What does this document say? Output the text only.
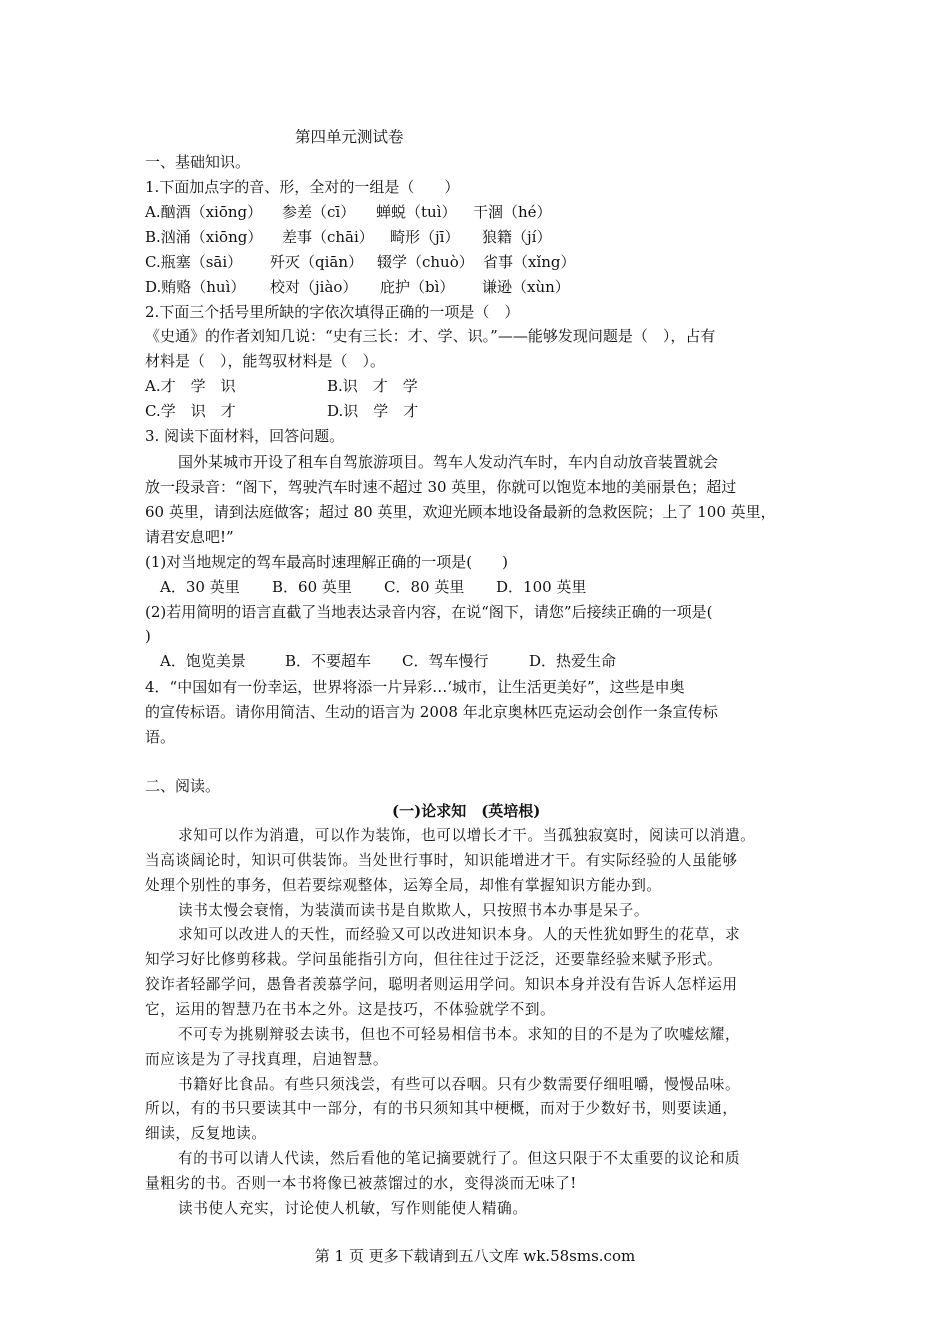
第四单元测试卷
一、基础知识。
1.下面加点字的音、形，全对的一组是（　　）
A.酗酒（xiōng） 参差（cī） 蝉蜕（tuì） 干涸（hé）
B.汹涌（xiōng） 差事（chāi） 畸形（jī） 狼籍（jí）
C.瓶塞（sāi） 歼灭（qiān） 辍学（chuò） 省事（xǐng）
D.贿赂（huì） 校对（jiào） 庇护（bì） 谦逊（xùn）
2.下面三个括号里所缺的字依次填得正确的一项是（　）
《史通》的作者刘知几说：“史有三长：才、学、识。”——能够发现问题是（　），占有
材料是（　），能驾驭材料是（　）。
A.才　学　识	B.识　才　学
C.学　识　才	D.识　学　才
3. 阅读下面材料，回答问题。
国外某城市开设了租车自驾旅游项目。驾车人发动汽车时，车内自动放音装置就会
放一段录音：“阁下，驾驶汽车时速不超过 30 英里，你就可以饱览本地的美丽景色；超过
60 英里，请到法庭做客；超过 80 英里，欢迎光顾本地设备最新的急救医院；上了 100 英里，
请君安息吧!”
(1)对当地规定的驾车最高时速理解正确的一项是(　　)
A．30 英里 B．60 英里 C．80 英里 D．100 英里
(2)若用简明的语言直截了当地表达录音内容，在说“阁下，请您”后接续正确的一项是(
)
A．饱览美景	B．不要超车 C．驾车慢行	D．热爱生命
4．“中国如有一份幸运，世界将添一片异彩…‘城市，让生活更美好”，这些是申奥
的宣传标语。请你用简洁、生动的语言为 2008 年北京奥林匹克运动会创作一条宣传标
语。
二、阅读。
(一)论求知　(英培根)
求知可以作为消遣，可以作为装饰，也可以增长才干。当孤独寂寞时，阅读可以消遣。
当高谈阔论时，知识可供装饰。当处世行事时，知识能增进才干。有实际经验的人虽能够
处理个别性的事务，但若要综观整体，运筹全局，却惟有掌握知识方能办到。
读书太慢会衰惰，为装潢而读书是自欺欺人，只按照书本办事是呆子。
求知可以改进人的天性，而经验又可以改进知识本身。人的天性犹如野生的花草，求
知学习好比修剪移栽。学问虽能指引方向，但往往过于泛泛，还要靠经验来赋予形式。
狡诈者轻鄙学问，愚鲁者羡慕学问，聪明者则运用学问。知识本身并没有告诉人怎样运用
它，运用的智慧乃在书本之外。这是技巧，不体验就学不到。
不可专为挑剔辩驳去读书，但也不可轻易相信书本。求知的目的不是为了吹嘘炫耀，
而应该是为了寻找真理，启迪智慧。
书籍好比食品。有些只须浅尝，有些可以吞咽。只有少数需要仔细咀嚼，慢慢品味。
所以，有的书只要读其中一部分，有的书只须知其中梗概，而对于少数好书，则要读通，
细读，反复地读。
有的书可以请人代读，然后看他的笔记摘要就行了。但这只限于不太重要的议论和质
量粗劣的书。否则一本书将像已被蒸馏过的水，变得淡而无味了!
读书使人充实，讨论使人机敏，写作则能使人精确。
第 1 页 更多下载请到五八文库 wk.58sms.com
